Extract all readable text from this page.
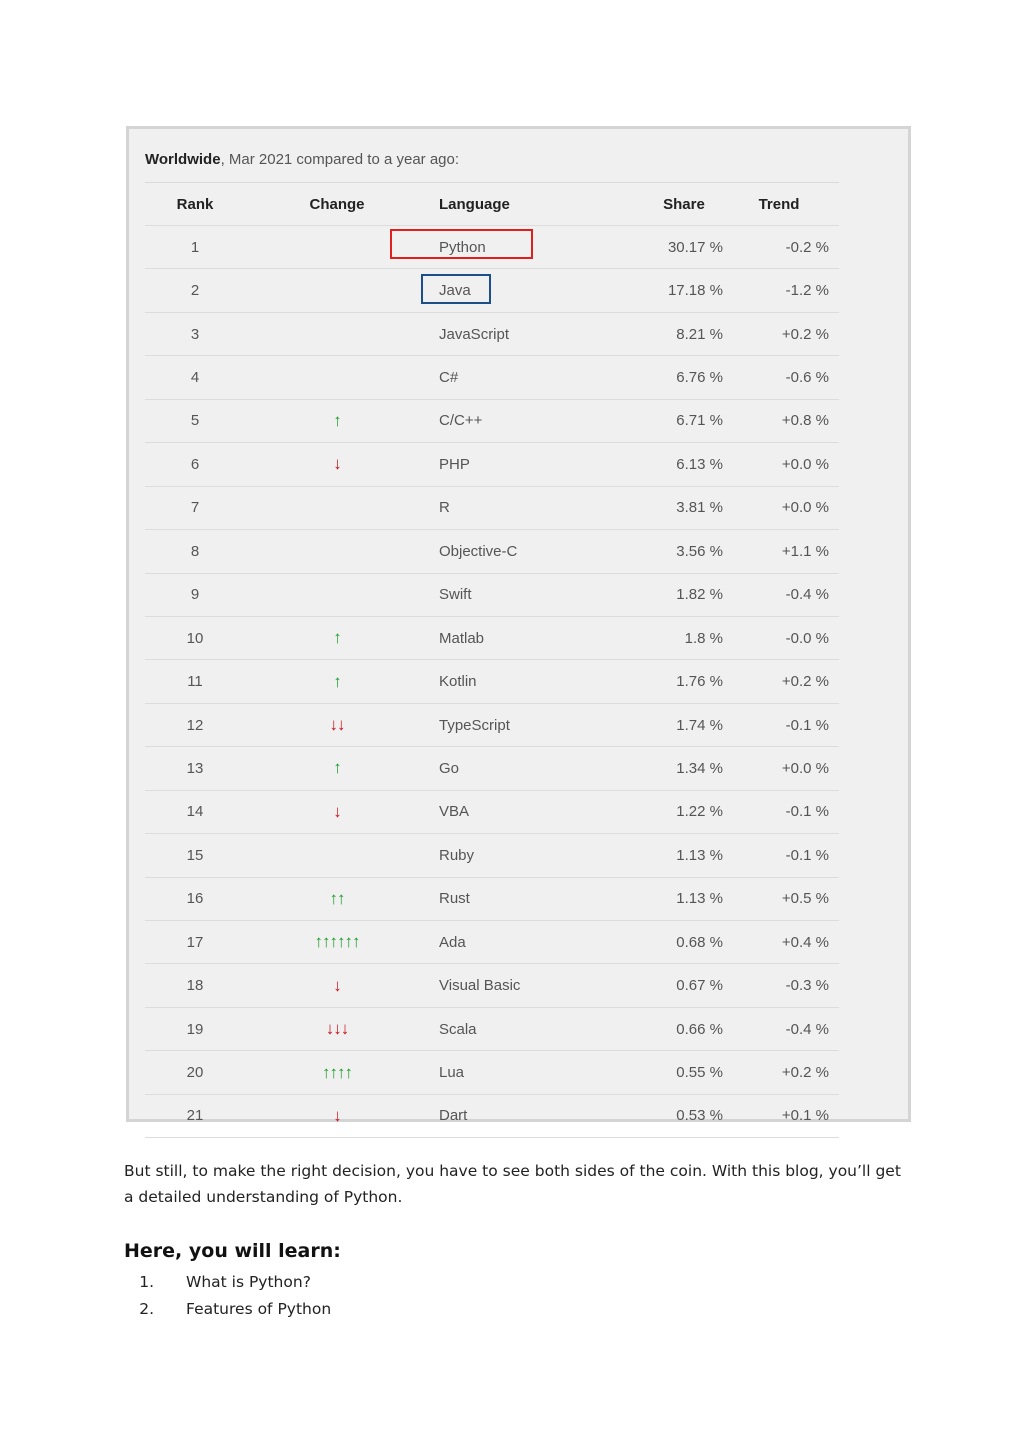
Worldwide, Mar 2021 compared to a year ago:
Rank	Change	Language	Share	Trend
1		Python	30.17 %	-0.2 %
2		Java	17.18 %	-1.2 %
3		JavaScript	8.21 %	+0.2 %
4		C#	6.76 %	-0.6 %
5	↑	C/C++	6.71 %	+0.8 %
6	↓	PHP	6.13 %	+0.0 %
7		R	3.81 %	+0.0 %
8		Objective-C	3.56 %	+1.1 %
9		Swift	1.82 %	-0.4 %
10	↑	Matlab	1.8 %	-0.0 %
11	↑	Kotlin	1.76 %	+0.2 %
12	↓↓	TypeScript	1.74 %	-0.1 %
13	↑	Go	1.34 %	+0.0 %
14	↓	VBA	1.22 %	-0.1 %
15		Ruby	1.13 %	-0.1 %
16	↑↑	Rust	1.13 %	+0.5 %
17	↑↑↑↑↑↑	Ada	0.68 %	+0.4 %
18	↓	Visual Basic	0.67 %	-0.3 %
19	↓↓↓	Scala	0.66 %	-0.4 %
20	↑↑↑↑	Lua	0.55 %	+0.2 %
21	↓	Dart	0.53 %	+0.1 %
But still, to make the right decision, you have to see both sides of the coin. With this blog, you’ll get a detailed understanding of Python.
Here, you will learn:
1. What is Python?
2. Features of Python
